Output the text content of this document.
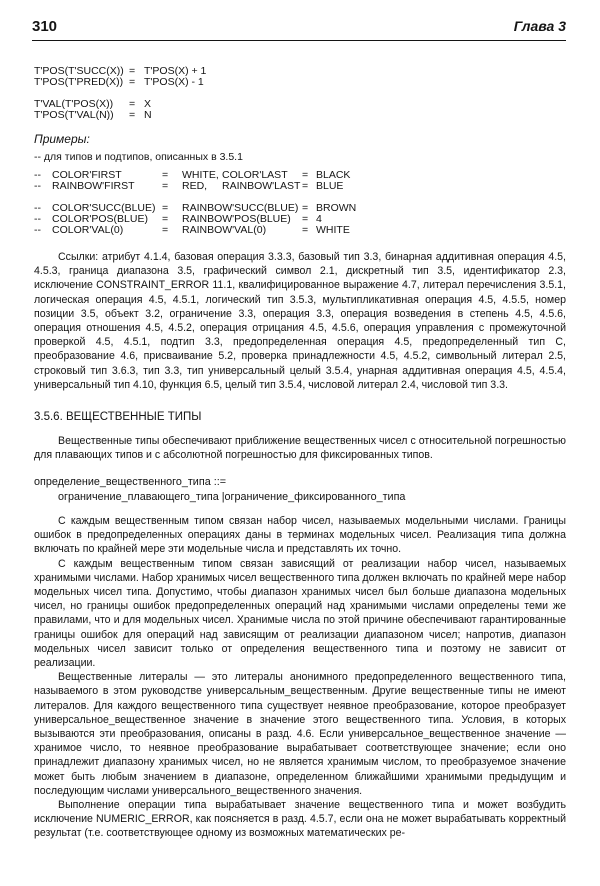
310	Глава 3
T'POS(T'SUCC(X)) = T'POS(X) + 1
T'POS(T'PRED(X)) = T'POS(X) - 1
T'VAL(T'POS(X)) = X
T'POS(T'VAL(N)) = N
Примеры:
-- для типов и подтипов, описанных в 3.5.1
-- COLOR'FIRST	= WHITE, COLOR'LAST = BLACK
-- RAINBOW'FIRST	= RED, RAINBOW'LAST = BLUE
-- COLOR'SUCC(BLUE) = RAINBOW'SUCC(BLUE) = BROWN
-- COLOR'POS(BLUE) = RAINBOW'POS(BLUE) = 4
-- COLOR'VAL(0)	= RAINBOW'VAL(0)	= WHITE

Ссылки: атрибут 4.1.4, базовая операция 3.3.3, базовый тип 3.3, бинарная аддитивная операция 4.5, 4.5.3, граница диапазона 3.5, графический символ 2.1, дискретный тип 3.5, идентификатор 2.3, исключение CONSTRAINT_ERROR 11.1, квалифицированное выражение 4.7, литерал перечисления 3.5.1, логическая операция 4.5, 4.5.1, логический тип 3.5.3, мультипликативная операция 4.5, 4.5.5, номер позиции 3.5, объект 3.2, ограничение 3.3, операция 3.3, операция возведения в степень 4.5, 4.5.6, операция отношения 4.5, 4.5.2, операция отрицания 4.5, 4.5.6, операция управления с промежуточной проверкой 4.5, 4.5.1, подтип 3.3, предопределенная операция 4.5, предопределенный тип С, преобразование 4.6, присваивание 5.2, проверка принадлежности 4.5, 4.5.2, символьный литерал 2.5, строковый тип 3.6.3, тип 3.3, тип универсальный целый 3.5.4, унарная аддитивная операция 4.5, 4.5.4, универсальный тип 4.10, функция 6.5, целый тип 3.5.4, числовой литерал 2.4, числовой тип 3.3.

3.5.6. ВЕЩЕСТВЕННЫЕ ТИПЫ

Вещественные типы обеспечивают приближение вещественных чисел с относительной погрешностью для плавающих типов и с абсолютной погрешностью для фиксированных типов.

определение_вещественного_типа ::=
ограничение_плавающего_типа |ограничение_фиксированного_типа

С каждым вещественным типом связан набор чисел, называемых модельными числами. Границы ошибок в предопределенных операциях даны в терминах модельных чисел. Реализация типа должна включать по крайней мере эти модельные числа и представлять их точно.

С каждым вещественным типом связан зависящий от реализации набор чисел, называемых хранимыми числами. Набор хранимых чисел вещественного типа должен включать по крайней мере набор модельных чисел типа. Допустимо, чтобы диапазон хранимых чисел был больше диапазона модельных чисел, но границы ошибок предопределенных операций над хранимыми числами определены теми же правилами, что и для модельных чисел. Хранимые числа по этой причине обеспечивают гарантированные границы ошибок для операций над зависящим от реализации диапазоном чисел; напротив, диапазон модельных чисел зависит только от определения вещественного типа и поэтому не зависит от реализации.

Вещественные литералы — это литералы анонимного предопределенного вещественного типа, называемого в этом руководстве универсальным_вещественным. Другие вещественные типы не имеют литералов. Для каждого вещественного типа существует неявное преобразование, которое преобразует универсальное_вещественное значение в значение этого вещественного типа. Условия, в которых вызываются эти преобразования, описаны в разд. 4.6. Если универсальное_вещественное значение — хранимое число, то неявное преобразование вырабатывает соответствующее значение; если оно принадлежит диапазону хранимых чисел, но не является хранимым числом, то преобразуемое значение может быть любым значением в диапазоне, определенном ближайшими хранимыми предыдущим и последующим числами универсального_вещественного значения.

Выполнение операции типа вырабатывает значение вещественного типа и может возбудить исключение NUMERIC_ERROR, как поясняется в разд. 4.5.7, если она не может вырабатывать корректный результат (т.е. соответствующее одному из возможных математических ре-
